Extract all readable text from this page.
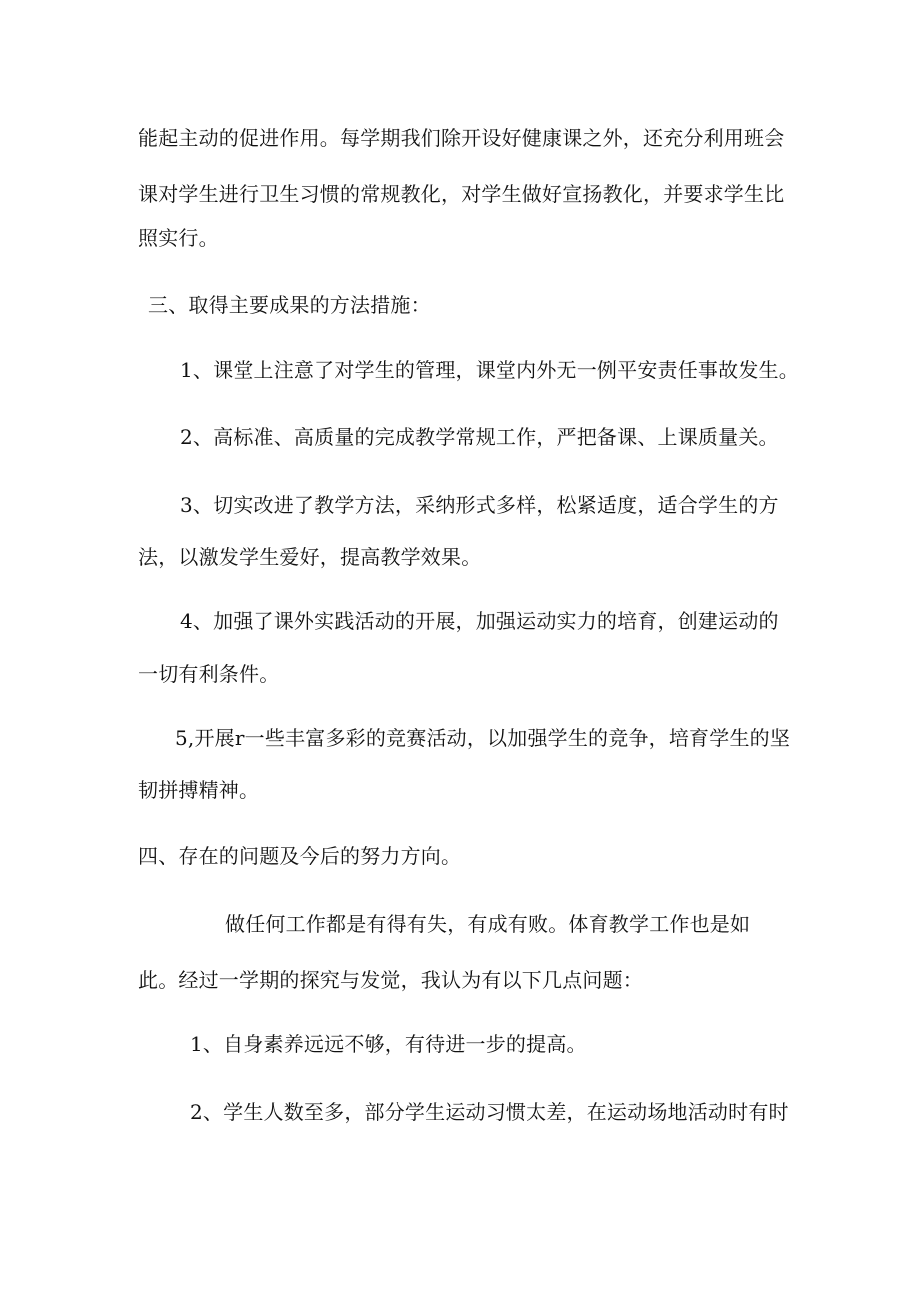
能起主动的促进作用。每学期我们除开设好健康课之外，还充分利用班会
课对学生进行卫生习惯的常规教化，对学生做好宣扬教化，并要求学生比
照实行。
三、取得主要成果的方法措施：
1、课堂上注意了对学生的管理，课堂内外无一例平安责任事故发生。
2、高标准、高质量的完成教学常规工作，严把备课、上课质量关。
3、切实改进了教学方法，采纳形式多样，松紧适度，适合学生的方
法，以激发学生爱好，提高教学效果。
4、加强了课外实践活动的开展，加强运动实力的培育，创建运动的
一切有利条件。
5,开展r一些丰富多彩的竞赛活动，以加强学生的竞争，培育学生的坚
韧拼搏精神。
四、存在的问题及今后的努力方向。
做任何工作都是有得有失，有成有败。体育教学工作也是如
此。经过一学期的探究与发觉，我认为有以下几点问题：
1、自身素养远远不够，有待进一步的提高。
2、学生人数至多，部分学生运动习惯太差，在运动场地活动时有时
